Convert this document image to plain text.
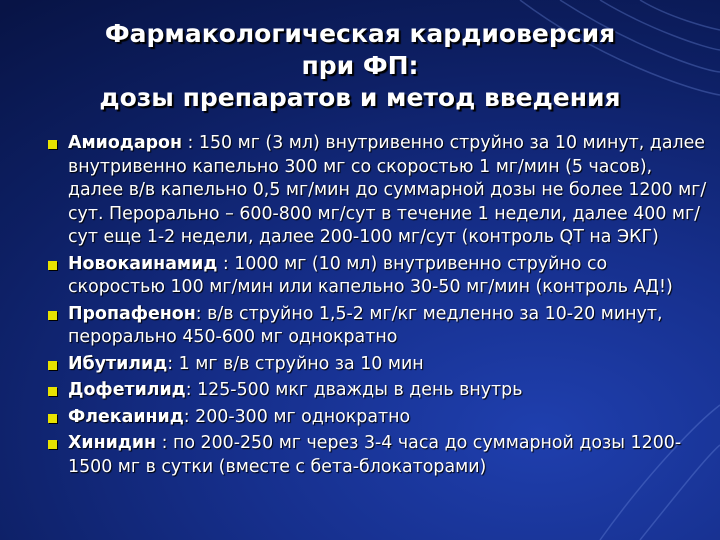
Фармакологическая кардиоверсия
при ФП:
дозы препаратов и метод введения
Амиодарон : 150 мг (3 мл) внутривенно струйно за 10 минут, далее внутривенно капельно 300 мг со скоростью 1 мг/мин (5 часов), далее в/в капельно 0,5 мг/мин до суммарной дозы не более 1200 мг/сут. Перорально – 600-800 мг/сут в течение 1 недели, далее 400 мг/сут еще 1-2 недели, далее 200-100 мг/сут (контроль QT на ЭКГ)
Новокаинамид : 1000 мг (10 мл) внутривенно струйно со скоростью 100 мг/мин или капельно 30-50 мг/мин (контроль АД!)
Пропафенон: в/в струйно 1,5-2 мг/кг медленно за 10-20 минут, перорально 450-600 мг однократно
Ибутилид: 1 мг в/в струйно за 10 мин
Дофетилид: 125-500 мкг дважды в день внутрь
Флекаинид: 200-300 мг однократно
Хинидин : по 200-250 мг через 3-4 часа до суммарной дозы 1200- 1500 мг в сутки (вместе с бета-блокаторами)
